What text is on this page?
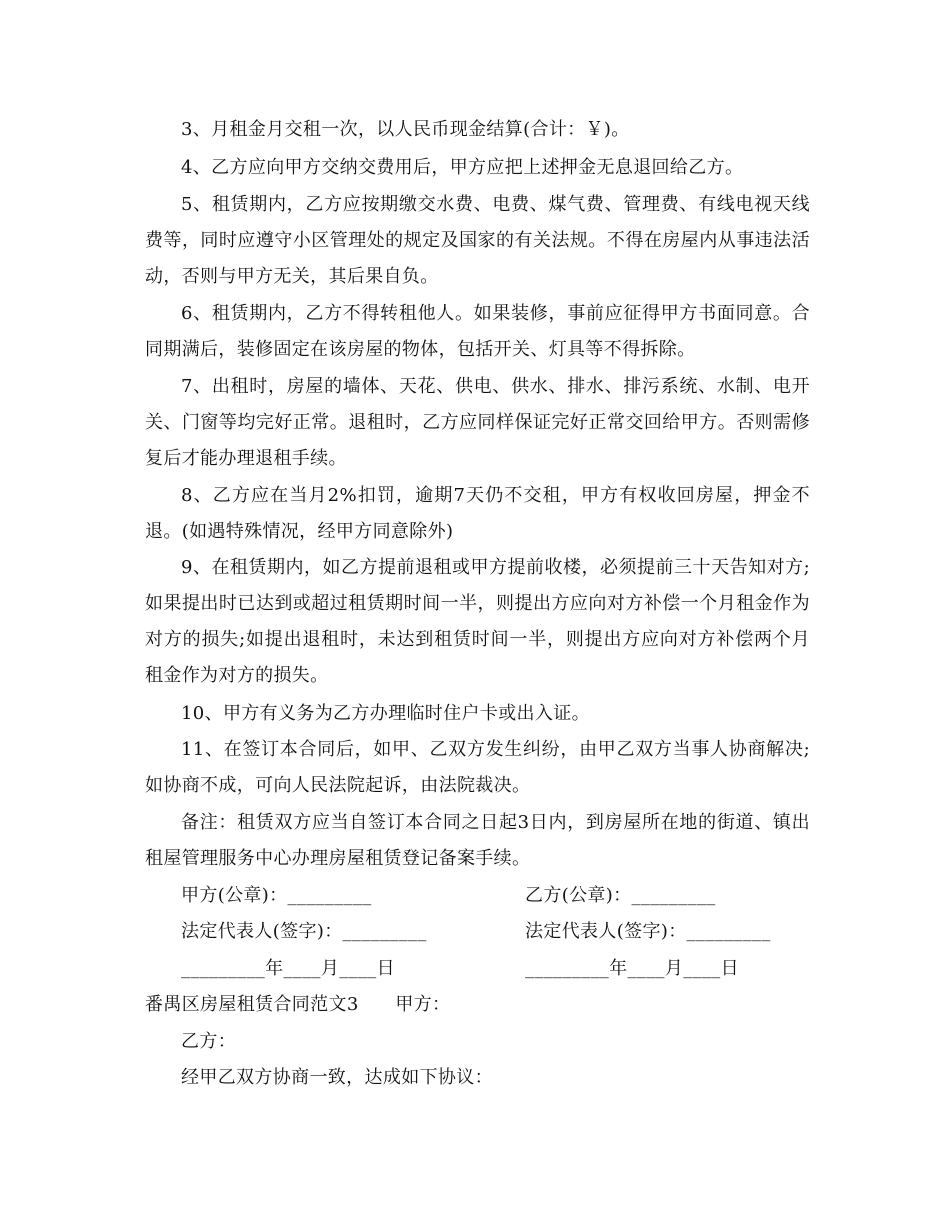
3、月租金月交租一次，以人民币现金结算(合计：￥)。

4、乙方应向甲方交纳交费用后，甲方应把上述押金无息退回给乙方。

5、租赁期内，乙方应按期缴交水费、电费、煤气费、管理费、有线电视天线费等，同时应遵守小区管理处的规定及国家的有关法规。不得在房屋内从事违法活动，否则与甲方无关，其后果自负。

6、租赁期内，乙方不得转租他人。如果装修，事前应征得甲方书面同意。合同期满后，装修固定在该房屋的物体，包括开关、灯具等不得拆除。

7、出租时，房屋的墙体、天花、供电、供水、排水、排污系统、水制、电开关、门窗等均完好正常。退租时，乙方应同样保证完好正常交回给甲方。否则需修复后才能办理退租手续。

8、乙方应在当月2%扣罚，逾期7天仍不交租，甲方有权收回房屋，押金不退。(如遇特殊情况，经甲方同意除外)

9、在租赁期内，如乙方提前退租或甲方提前收楼，必须提前三十天告知对方;如果提出时已达到或超过租赁期时间一半，则提出方应向对方补偿一个月租金作为对方的损失;如提出退租时，未达到租赁时间一半，则提出方应向对方补偿两个月租金作为对方的损失。

10、甲方有义务为乙方办理临时住户卡或出入证。

11、在签订本合同后，如甲、乙双方发生纠纷，由甲乙双方当事人协商解决;如协商不成，可向人民法院起诉，由法院裁决。

备注：租赁双方应当自签订本合同之日起3日内，到房屋所在地的街道、镇出租屋管理服务中心办理房屋租赁登记备案手续。

甲方(公章)：_________	乙方(公章)：_________
法定代表人(签字)：_________	法定代表人(签字)：_________
_________年____月____日	_________年____月____日
番禺区房屋租赁合同范文3　　甲方：
乙方：
经甲乙双方协商一致，达成如下协议：
